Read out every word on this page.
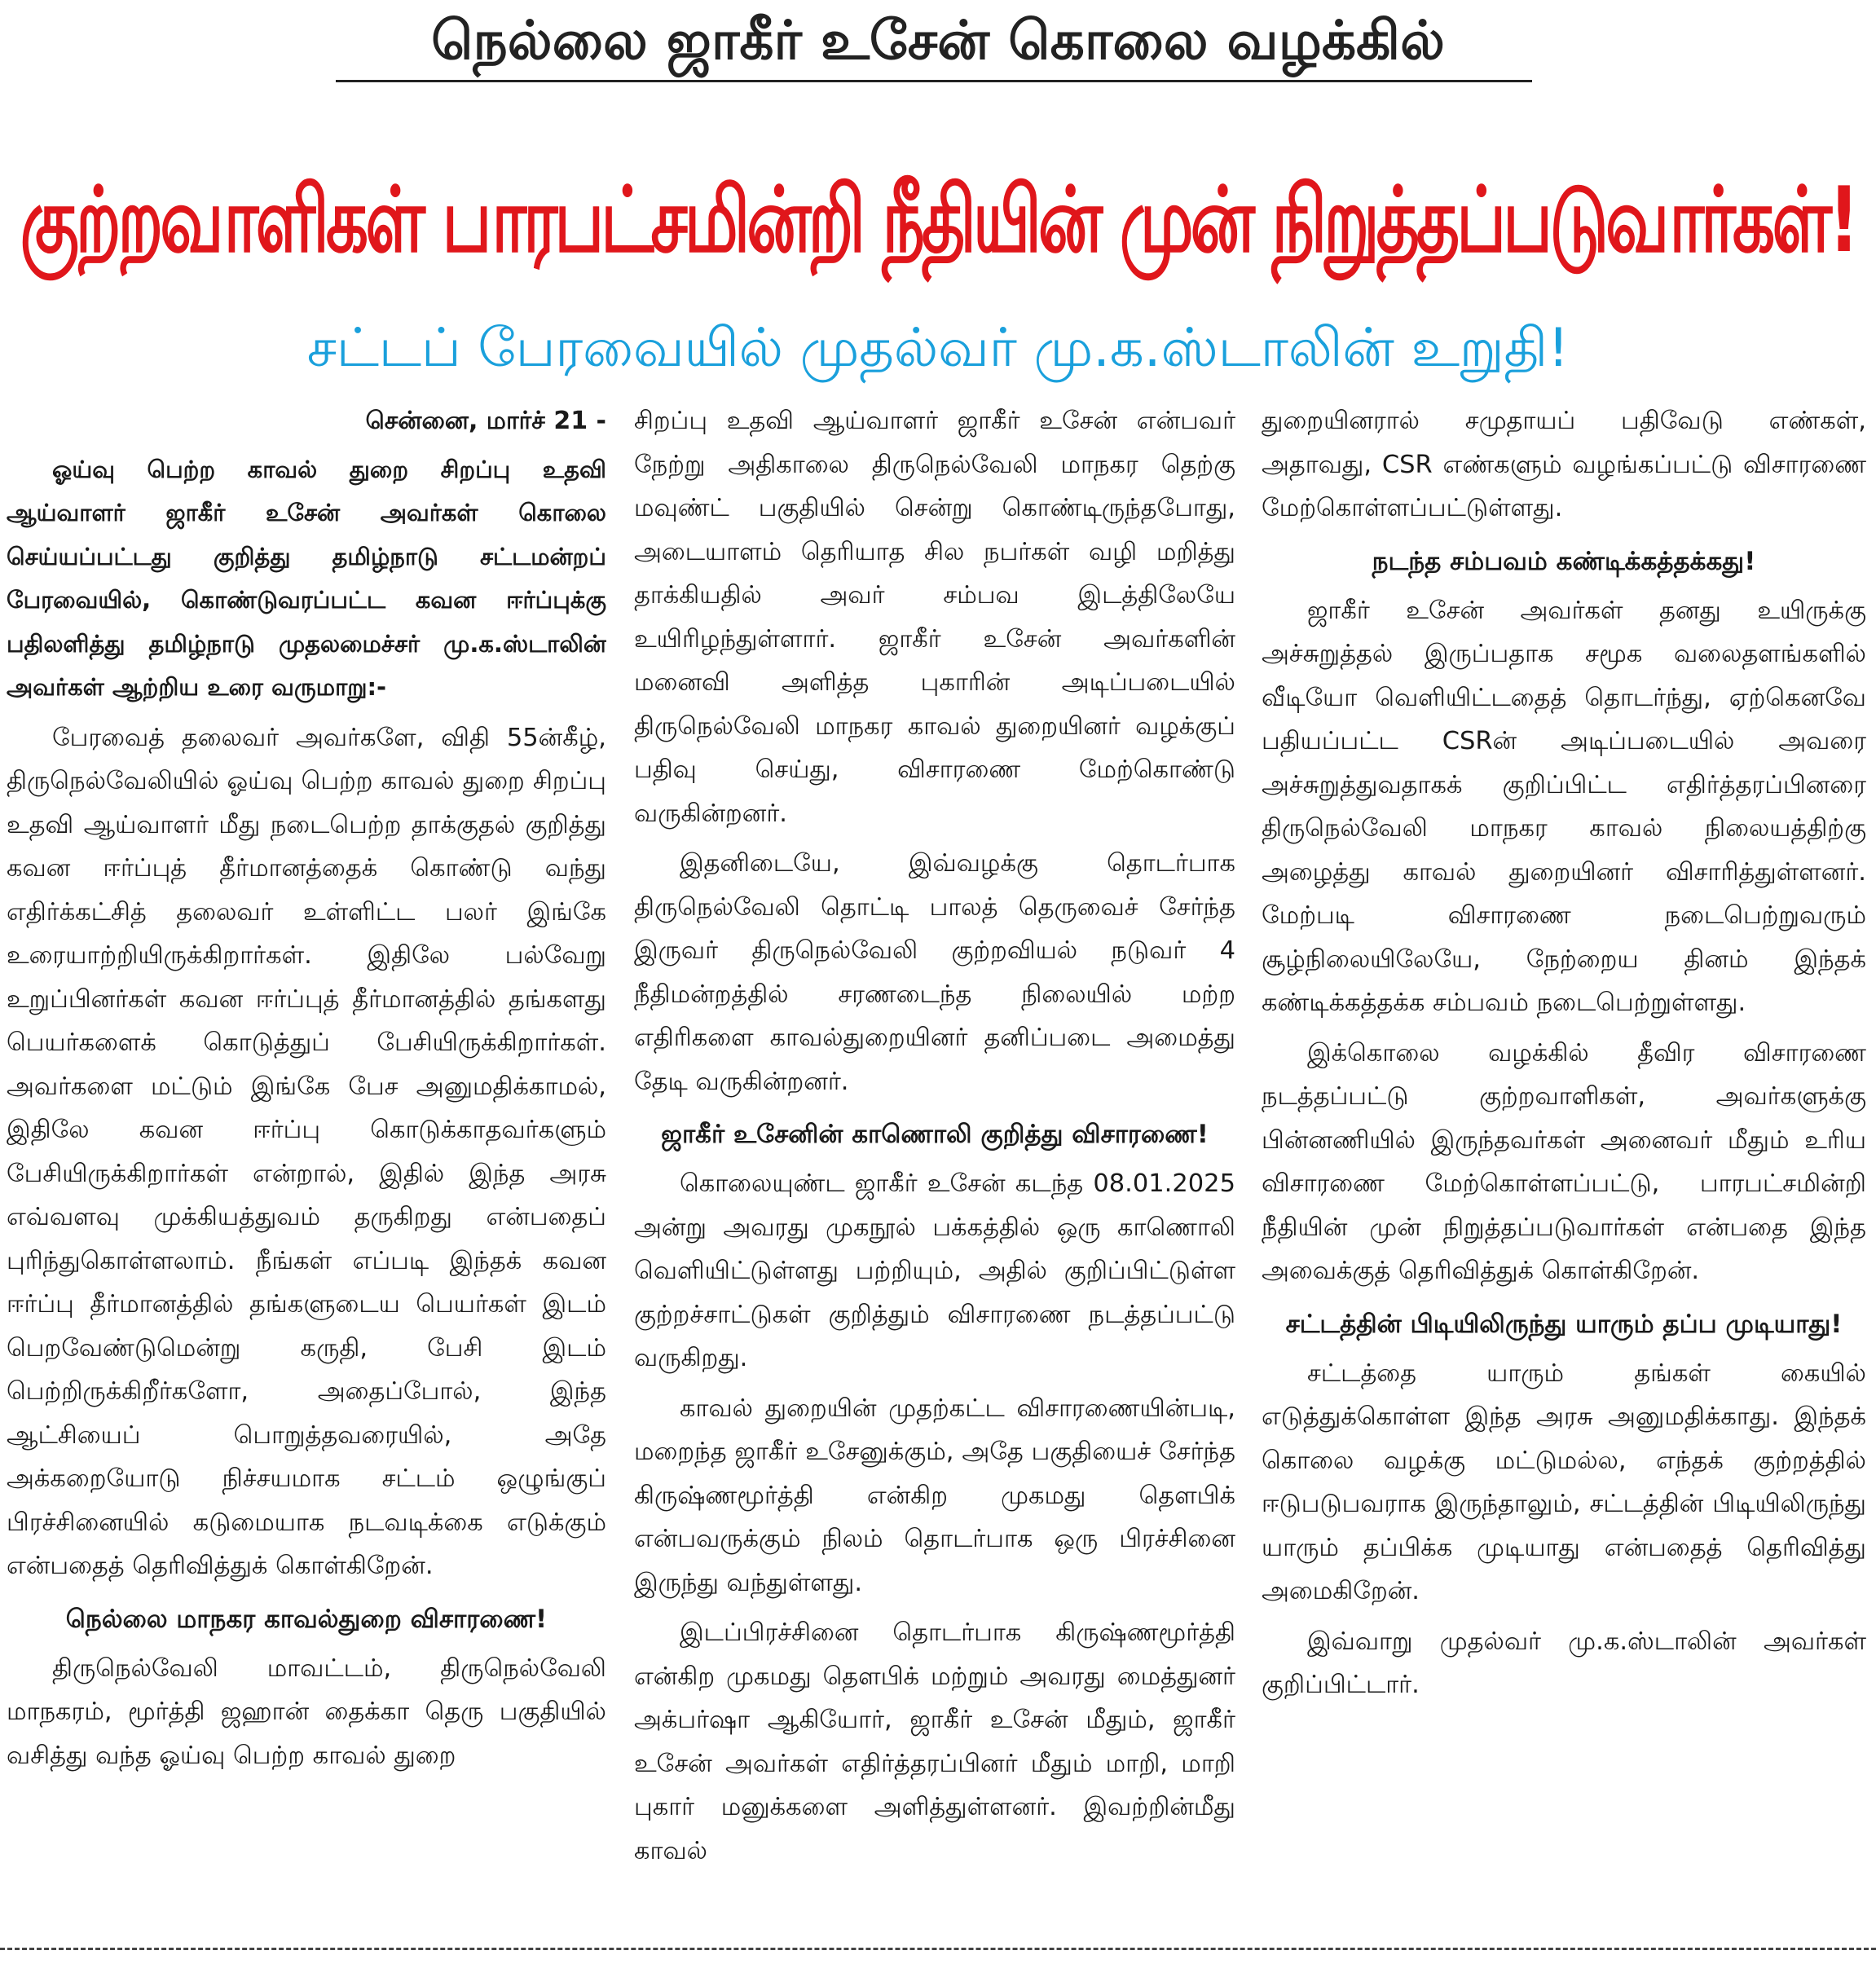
நெல்லை ஜாகீர் உசேன் கொலை வழக்கில்
குற்றவாளிகள் பாரபட்சமின்றி நீதியின் முன் நிறுத்தப்படுவார்கள்!
சட்டப் பேரவையில் முதல்வர் மு.க.ஸ்டாலின் உறுதி!
சென்னை, மார்ச் 21 -

ஓய்வு பெற்ற காவல் துறை சிறப்பு உதவி ஆய்வாளர் ஜாகீர் உசேன் அவர்கள் கொலை செய்யப்பட்டது குறித்து தமிழ்நாடு சட்டமன்றப் பேரவையில், கொண்டுவரப்பட்ட கவன ஈர்ப்புக்கு பதிலளித்து தமிழ்நாடு முதலமைச்சர் மு.க.ஸ்டாலின் அவர்கள் ஆற்றிய உரை வருமாறு:-

பேரவைத் தலைவர் அவர்களே, விதி 55ன்கீழ், திருநெல்வேலியில் ஓய்வு பெற்ற காவல் துறை சிறப்பு உதவி ஆய்வாளர் மீது நடைபெற்ற தாக்குதல் குறித்து கவன ஈர்ப்புத் தீர்மானத்தைக் கொண்டு வந்து எதிர்க்கட்சித் தலைவர் உள்ளிட்ட பலர் இங்கே உரையாற்றியிருக்கிறார்கள். இதிலே பல்வேறு உறுப்பினர்கள் கவன ஈர்ப்புத் தீர்மானத்தில் தங்களது பெயர்களைக் கொடுத்துப் பேசியிருக்கிறார்கள். அவர்களை மட்டும் இங்கே பேச அனுமதிக்காமல், இதிலே கவன ஈர்ப்பு கொடுக்காதவர்களும் பேசியிருக்கிறார்கள் என்றால், இதில் இந்த அரசு எவ்வளவு முக்கியத்துவம் தருகிறது என்பதைப் புரிந்துகொள்ளலாம். நீங்கள் எப்படி இந்தக் கவன ஈர்ப்பு தீர்மானத்தில் தங்களுடைய பெயர்கள் இடம் பெறவேண்டுமென்று கருதி, பேசி இடம் பெற்றிருக்கிறீர்களோ, அதைப்போல், இந்த ஆட்சியைப் பொறுத்தவரையில், அதே அக்கறையோடு நிச்சயமாக சட்டம் ஒழுங்குப் பிரச்சினையில் கடுமையாக நடவடிக்கை எடுக்கும் என்பதைத் தெரிவித்துக் கொள்கிறேன்.

நெல்லை மாநகர காவல்துறை விசாரணை!

திருநெல்வேலி மாவட்டம், திருநெல்வேலி மாநகரம், மூர்த்தி ஜஹான் தைக்கா தெரு பகுதியில் வசித்து வந்த ஓய்வு பெற்ற காவல் துறை

சிறப்பு உதவி ஆய்வாளர் ஜாகீர் உசேன் என்பவர் நேற்று அதிகாலை திருநெல்வேலி மாநகர தெற்கு மவுண்ட் பகுதியில் சென்று கொண்டிருந்தபோது, அடையாளம் தெரியாத சில நபர்கள் வழி மறித்து தாக்கியதில் அவர் சம்பவ இடத்திலேயே உயிரிழந்துள்ளார். ஜாகீர் உசேன் அவர்களின் மனைவி அளித்த புகாரின் அடிப்படையில் திருநெல்வேலி மாநகர காவல் துறையினர் வழக்குப் பதிவு செய்து, விசாரணை மேற்கொண்டு வருகின்றனர்.

இதனிடையே, இவ்வழக்கு தொடர்பாக திருநெல்வேலி தொட்டி பாலத் தெருவைச் சேர்ந்த இருவர் திருநெல்வேலி குற்றவியல் நடுவர் 4 நீதிமன்றத்தில் சரணடைந்த நிலையில் மற்ற எதிரிகளை காவல்துறையினர் தனிப்படை அமைத்து தேடி வருகின்றனர்.

ஜாகீர் உசேனின் காணொலி குறித்து விசாரணை!

கொலையுண்ட ஜாகீர் உசேன் கடந்த 08.01.2025 அன்று அவரது முகநூல் பக்கத்தில் ஒரு காணொலி வெளியிட்டுள்ளது பற்றியும், அதில் குறிப்பிட்டுள்ள குற்றச்சாட்டுகள் குறித்தும் விசாரணை நடத்தப்பட்டு வருகிறது.

காவல் துறையின் முதற்கட்ட விசாரணையின்படி, மறைந்த ஜாகீர் உசேனுக்கும், அதே பகுதியைச் சேர்ந்த கிருஷ்ணமூர்த்தி என்கிற முகமது தௌபிக் என்பவருக்கும் நிலம் தொடர்பாக ஒரு பிரச்சினை இருந்து வந்துள்ளது.

இடப்பிரச்சினை தொடர்பாக கிருஷ்ணமூர்த்தி என்கிற முகமது தௌபிக் மற்றும் அவரது மைத்துனர் அக்பர்ஷா ஆகியோர், ஜாகீர் உசேன் மீதும், ஜாகீர் உசேன் அவர்கள் எதிர்த்தரப்பினர் மீதும் மாறி, மாறி புகார் மனுக்களை அளித்துள்ளனர். இவற்றின்மீது காவல்

துறையினரால் சமுதாயப் பதிவேடு எண்கள், அதாவது, CSR எண்களும் வழங்கப்பட்டு விசாரணை மேற்கொள்ளப்பட்டுள்ளது.

நடந்த சம்பவம் கண்டிக்கத்தக்கது!

ஜாகீர் உசேன் அவர்கள் தனது உயிருக்கு அச்சுறுத்தல் இருப்பதாக சமூக வலைதளங்களில் வீடியோ வெளியிட்டதைத் தொடர்ந்து, ஏற்கெனவே பதியப்பட்ட CSRன் அடிப்படையில் அவரை அச்சுறுத்துவதாகக் குறிப்பிட்ட எதிர்த்தரப்பினரை திருநெல்வேலி மாநகர காவல் நிலையத்திற்கு அழைத்து காவல் துறையினர் விசாரித்துள்ளனர். மேற்படி விசாரணை நடைபெற்றுவரும் சூழ்நிலையிலேயே, நேற்றைய தினம் இந்தக் கண்டிக்கத்தக்க சம்பவம் நடைபெற்றுள்ளது.

இக்கொலை வழக்கில் தீவிர விசாரணை நடத்தப்பட்டு குற்றவாளிகள், அவர்களுக்கு பின்னணியில் இருந்தவர்கள் அனைவர் மீதும் உரிய விசாரணை மேற்கொள்ளப்பட்டு, பாரபட்சமின்றி நீதியின் முன் நிறுத்தப்படுவார்கள் என்பதை இந்த அவைக்குத் தெரிவித்துக் கொள்கிறேன்.

சட்டத்தின் பிடியிலிருந்து யாரும் தப்ப முடியாது!

சட்டத்தை யாரும் தங்கள் கையில் எடுத்துக்கொள்ள இந்த அரசு அனுமதிக்காது. இந்தக் கொலை வழக்கு மட்டுமல்ல, எந்தக் குற்றத்தில் ஈடுபடுபவராக இருந்தாலும், சட்டத்தின் பிடியிலிருந்து யாரும் தப்பிக்க முடியாது என்பதைத் தெரிவித்து அமைகிறேன்.

இவ்வாறு முதல்வர் மு.க.ஸ்டாலின் அவர்கள் குறிப்பிட்டார்.
